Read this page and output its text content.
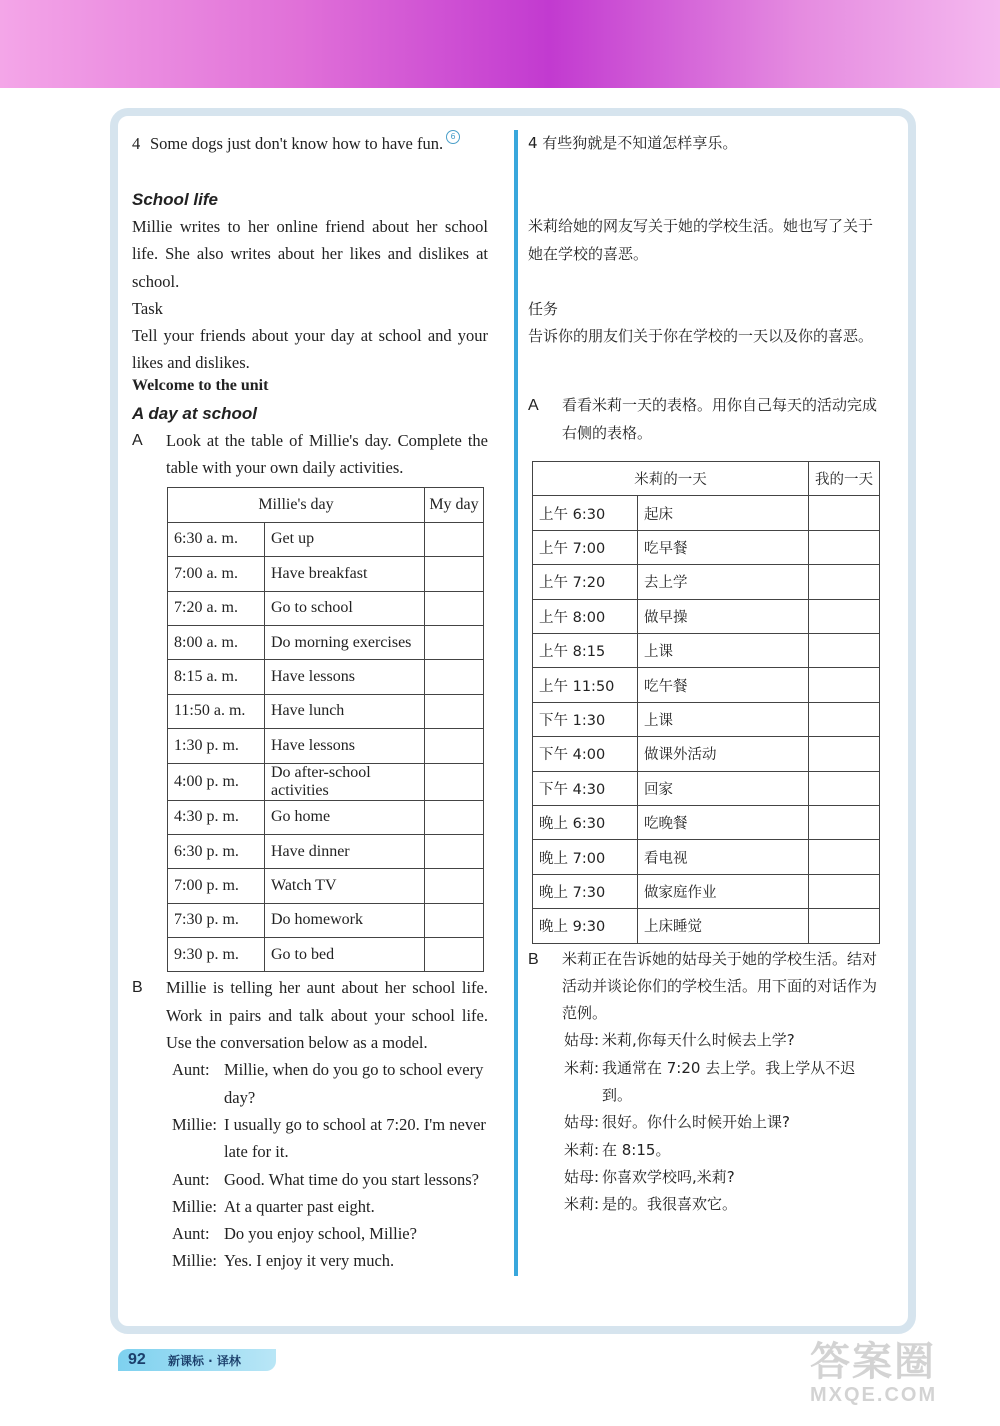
4 Some dogs just don't know how to have fun. 6
School life

Millie writes to her online friend about her school life. She also writes about her likes and dislikes at school.

Task

Tell your friends about your day at school and your likes and dislikes.

Welcome to the unit
A day at school
A	Look at the table of Millie's day. Complete the table with your own daily activities.
Millie's day		My day
6:30 a. m.	Get up	
7:00 a. m.	Have breakfast	
7:20 a. m.	Go to school	
8:00 a. m.	Do morning exercises	
8:15 a. m.	Have lessons	
11:50 a. m.	Have lunch	
1:30 p. m.	Have lessons	
4:00 p. m.	Do after-school activities	
4:30 p. m.	Go home	
6:30 p. m.	Have dinner	
7:00 p. m.	Watch TV	
7:30 p. m.	Do homework	
9:30 p. m.	Go to bed	
B	Millie is telling her aunt about her school life. Work in pairs and talk about your school life. Use the conversation below as a model.
Aunt: Millie, when do you go to school every day?
Millie: I usually go to school at 7:20. I'm never late for it.
Aunt: Good. What time do you start lessons?
Millie: At a quarter past eight.
Aunt: Do you enjoy school, Millie?
Millie: Yes. I enjoy it very much.

4 有些狗就是不知道怎样享乐。

米莉给她的网友写关于她的学校生活。她也写了关于她在学校的喜恶。

任务

告诉你的朋友们关于你在学校的一天以及你的喜恶。

A	看看米莉一天的表格。用你自己每天的活动完成右侧的表格。
米莉的一天		我的一天
上午 6:30	起床	
上午 7:00	吃早餐	
上午 7:20	去上学	
上午 8:00	做早操	
上午 8:15	上课	
上午 11:50	吃午餐	
下午 1:30	上课	
下午 4:00	做课外活动	
下午 4:30	回家	
晚上 6:30	吃晚餐	
晚上 7:00	看电视	
晚上 7:30	做家庭作业	
晚上 9:30	上床睡觉	
B	米莉正在告诉她的姑母关于她的学校生活。结对活动并谈论你们的学校生活。用下面的对话作为范例。
姑母: 米莉,你每天什么时候去上学?
米莉: 我通常在 7:20 去上学。我上学从不迟到。
姑母: 很好。你什么时候开始上课?
米莉: 在 8:15。
姑母: 你喜欢学校吗,米莉?
米莉: 是的。我很喜欢它。
92	新课标 · 译林	答案圈
MXQE.COM
